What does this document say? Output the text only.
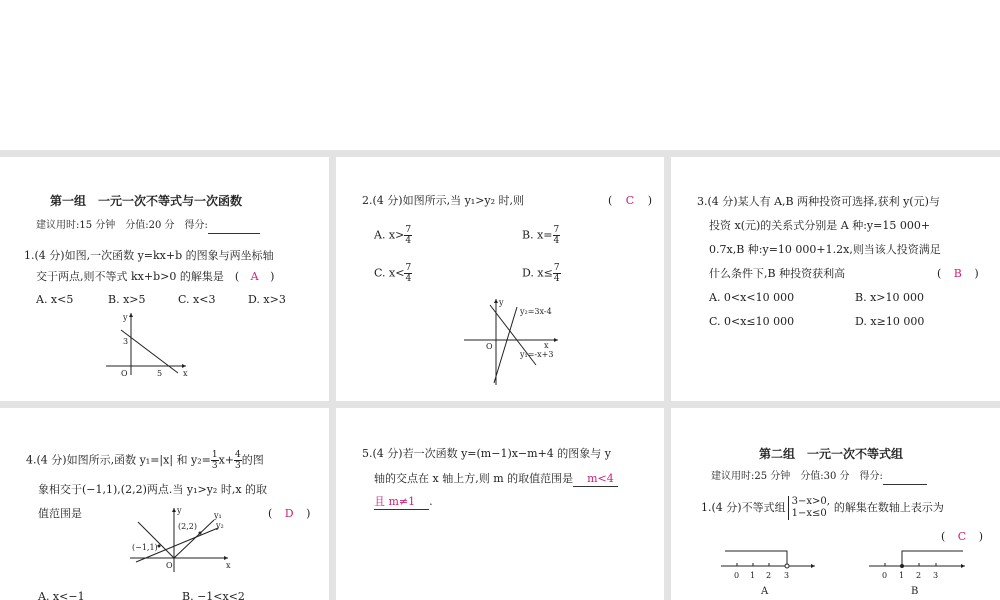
第一组　一元一次不等式与一次函数
建议用时:15 分钟　分值:20 分　得分:
1.(4 分)如图,一次函数 y=kx+b 的图象与两坐标轴
交于两点,则不等式 kx+b>0 的解集是　( A )
A. x<5	B. x>5	C. x<3	D. x>3
y
x
O
3
5
2.(4 分)如图所示,当 y₁>y₂ 时,则	( C )
A. $x> \frac{7}{4}$	B. $x= \frac{7}{4}$
C. $x< \frac{7}{4}$	D. $x\le \frac{7}{4}$
y
x
O
y₂=3x-4
y₁=-x+3
3.(4 分)某人有 A,B 两种投资可选择,获利 y(元)与
投资 x(元)的关系式分别是 A 种:y=15 000+
0.7x,B 种:y=10 000+1.2x,则当该人投资满足
什么条件下,B 种投资获利高	( B )
A. 0<x<10 000	B. x>10 000
C. 0<x≤10 000	D. x≥10 000
4.(4 分)如图所示,函数 y₁=|x| 和 $y_2= \frac{1}{3} x+ \frac{4}{3}$ 的图
象相交于(−1,1),(2,2)两点.当 y₁>y₂ 时,x 的取
值范围是	( D )
y
x
O
(−1,1)
(2,2)
y₁
y₂
A. x<−1	B. −1<x<2
5.(4 分)若一次函数 y=(m−1)x−m+4 的图象与 y
轴的交点在 x 轴上方,则 m 的取值范围是 m<4
且 m≠1 .
第二组　一元一次不等式组
建议用时:25 分钟　分值:30 分　得分:
1.(4 分)不等式组 3−x>0,
1−x≤0 的解集在数轴上表示为
( C )
0 1 2 3
A
0 1 2 3
B
